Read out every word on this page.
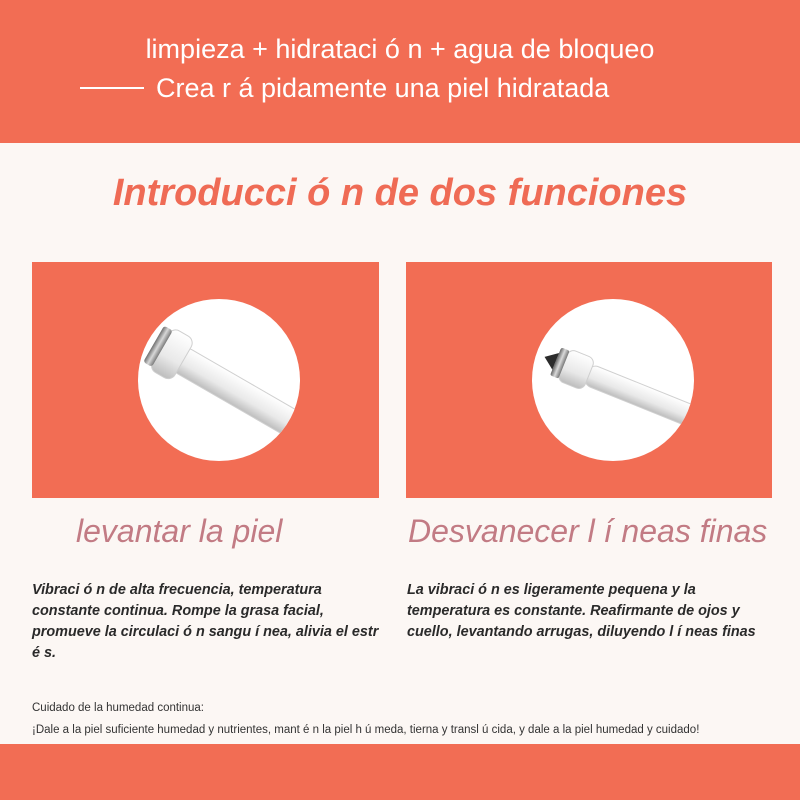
limpieza + hidrataci ó n + agua de bloqueo
Crea r á pidamente una piel hidratada
Introducci ó n de dos funciones
levantar la piel	Desvanecer l í neas finas
Vibraci ó n de alta frecuencia, temperatura constante continua. Rompe la grasa facial, promueve la circulaci ó n sangu í nea, alivia el estr é s.
La vibraci ó n es ligeramente pequena y la temperatura es constante. Reafirmante de ojos y cuello, levantando arrugas, diluyendo l í neas finas
Cuidado de la humedad continua:
¡Dale a la piel suficiente humedad y nutrientes, mant é n la piel h ú meda, tierna y transl ú cida, y dale a la piel humedad y cuidado!
